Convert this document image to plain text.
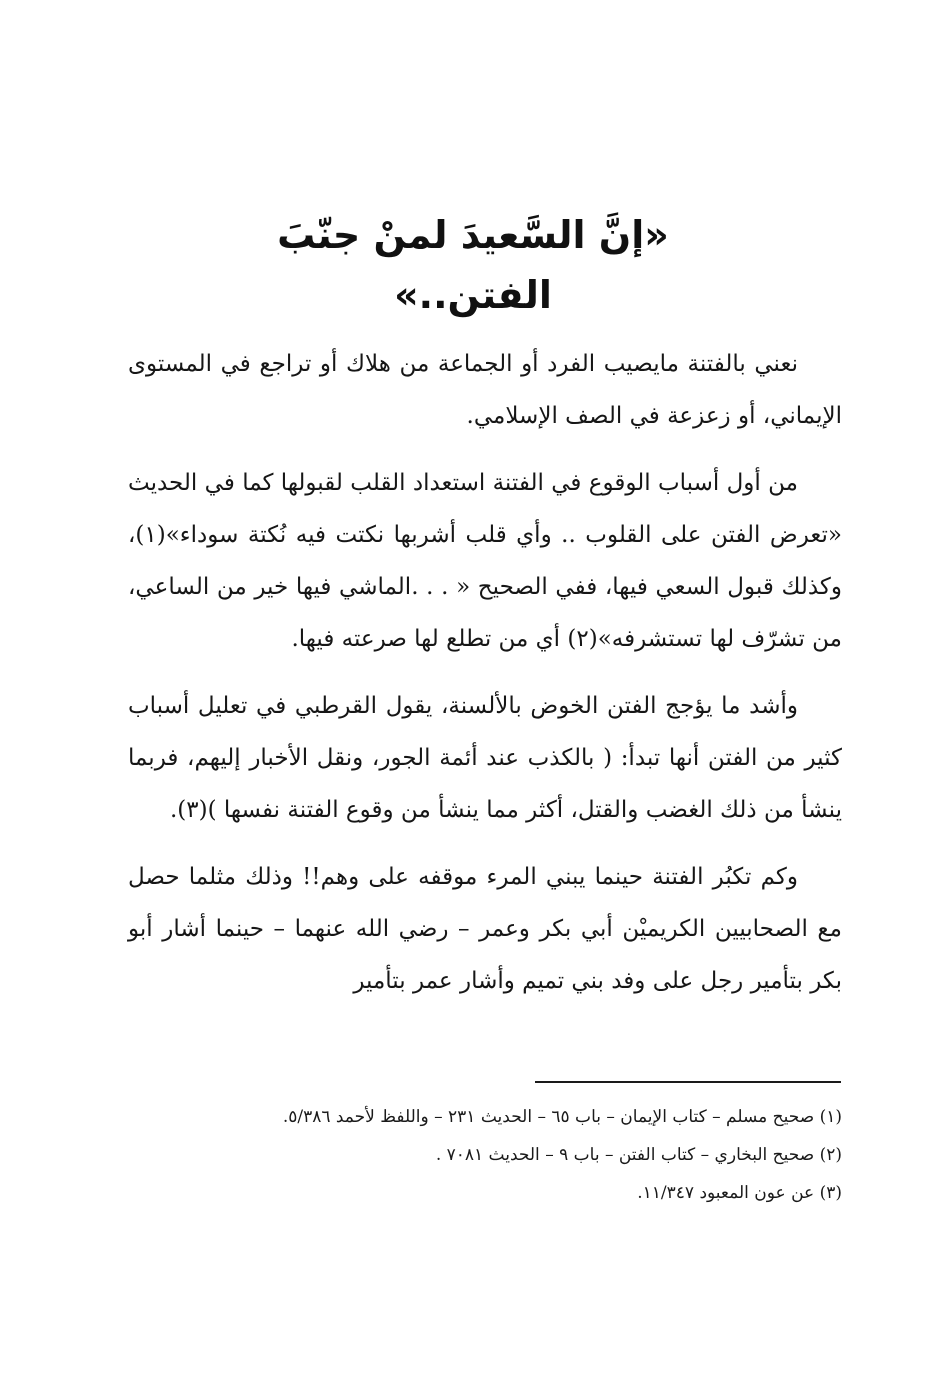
«إنَّ السَّعيدَ لمنْ جنّبَ الفتن..»

نعني بالفتنة مايصيب الفرد أو الجماعة من هلاك أو تراجع في المستوى الإيماني، أو زعزعة في الصف الإسلامي.

من أول أسباب الوقوع في الفتنة استعداد القلب لقبولها كما في الحديث «تعرض الفتن على القلوب .. وأي قلب أشربها نكتت فيه نُكتة سوداء»(١)، وكذلك قبول السعي فيها، ففي الصحيح « . . .الماشي فيها خير من الساعي، من تشرّف لها تستشرفه»(٢) أي من تطلع لها صرعته فيها.

وأشد ما يؤجج الفتن الخوض بالألسنة، يقول القرطبي في تعليل أسباب كثير من الفتن أنها تبدأ: ( بالكذب عند أئمة الجور، ونقل الأخبار إليهم، فربما ينشأ من ذلك الغضب والقتل، أكثر مما ينشأ من وقوع الفتنة نفسها )(٣).

وكم تكبُر الفتنة حينما يبني المرء موقفه على وهم!! وذلك مثلما حصل مع الصحابيين الكريميْن أبي بكر وعمر – رضي الله عنهما – حينما أشار أبو بكر بتأمير رجل على وفد بني تميم وأشار عمر بتأمير

(١) صحيح مسلم – كتاب الإيمان – باب ٦٥ – الحديث ٢٣١ – واللفظ لأحمد ٥/٣٨٦.

(٢) صحيح البخاري – كتاب الفتن – باب ٩ – الحديث ٧٠٨١ .

(٣) عن عون المعبود ١١/٣٤٧.
